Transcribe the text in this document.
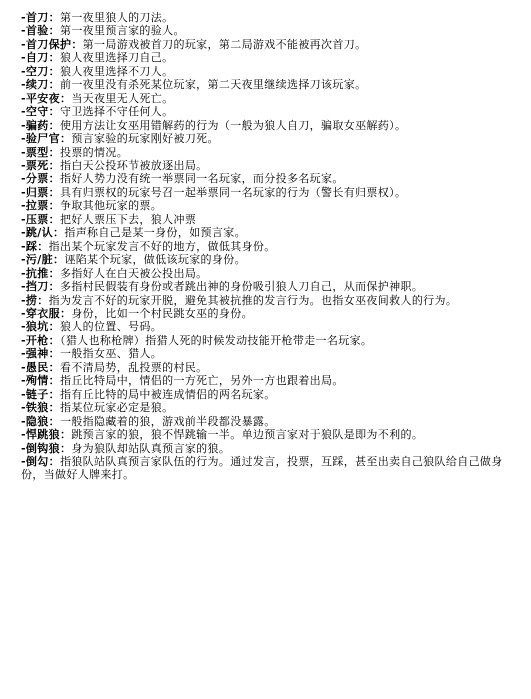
-首刀：第一夜里狼人的刀法。

-首验：第一夜里预言家的验人。

-首刀保护：第一局游戏被首刀的玩家，第二局游戏不能被再次首刀。

-自刀：狼人夜里选择刀自己。

-空刀：狼人夜里选择不刀人。

-续刀：前一夜里没有杀死某位玩家，第二天夜里继续选择刀该玩家。

-平安夜：当天夜里无人死亡。

-空守：守卫选择不守任何人。

-骗药：使用方法让女巫用错解药的行为（一般为狼人自刀，骗取女巫解药）。

-验尸官：预言家验的玩家刚好被刀死。

-票型：投票的情况。

-票死：指白天公投环节被放逐出局。

-分票：指好人势力没有统一举票同一名玩家，而分投多名玩家。

-归票：具有归票权的玩家号召一起举票同一名玩家的行为（警长有归票权）。

-拉票：争取其他玩家的票。

-压票：把好人票压下去，狼人冲票

-跳/认：指声称自己是某一身份，如预言家。

-踩：指出某个玩家发言不好的地方，做低其身份。

-污/脏：诬陷某个玩家，做低该玩家的身份。

-抗推：多指好人在白天被公投出局。

-挡刀：多指村民假装有身份或者跳出神的身份吸引狼人刀自己，从而保护神职。

-捞：指为发言不好的玩家开脱，避免其被抗推的发言行为。也指女巫夜间救人的行为。

-穿衣服：身份，比如一个村民跳女巫的身份。

-狼坑：狼人的位置、号码。

-开枪：（猎人也称枪牌）指猎人死的时候发动技能开枪带走一名玩家。

-强神：一般指女巫、猎人。

-愚民：看不清局势，乱投票的村民。

-殉情：指丘比特局中，情侣的一方死亡，另外一方也跟着出局。

-链子：指有丘比特的局中被连成情侣的两名玩家。

-铁狼：指某位玩家必定是狼。

-隐狼：一般指隐藏着的狼，游戏前半段都没暴露。

-悍跳狼：跳预言家的狼，狼不悍跳输一半。单边预言家对于狼队是即为不利的。

-倒钩狼：身为狼队却站队真预言家的狼。

-倒勾：指狼队站队真预言家队伍的行为。通过发言，投票，互踩，甚至出卖自己狼队给自己做身份，当做好人牌来打。
